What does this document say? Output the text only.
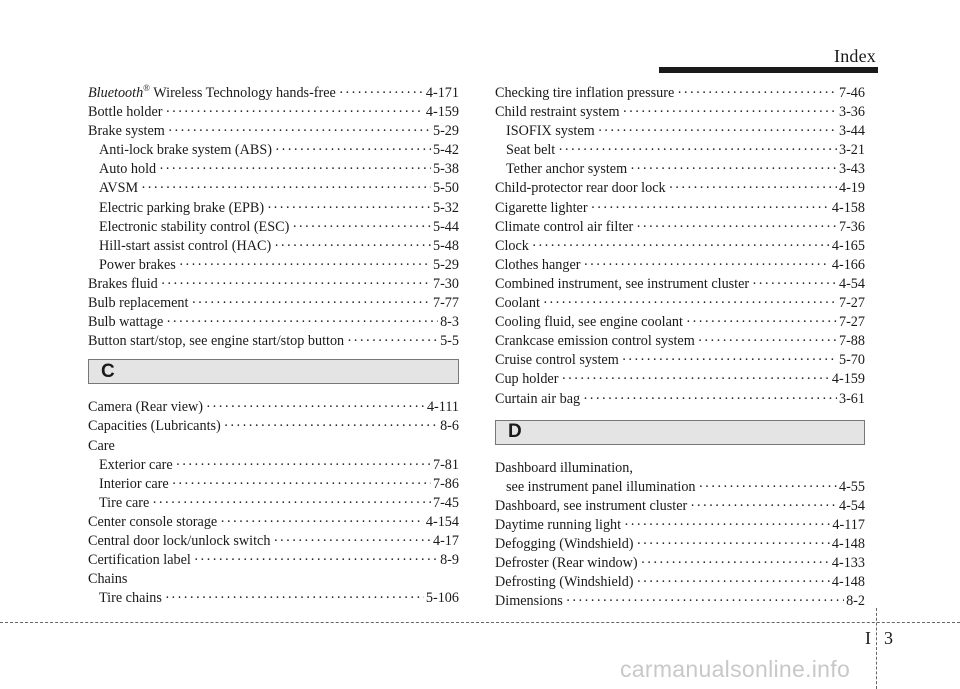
Index
Bluetooth® Wireless Technology hands-free ·····	4-171
Bottle holder ·····	4-159
Brake system ·····	5-29
Anti-lock brake system (ABS) ·····	5-42
Auto hold ·····	5-38
AVSM ·····	5-50
Electric parking brake (EPB) ·····	5-32
Electronic stability control (ESC) ·····	5-44
Hill-start assist control (HAC) ·····	5-48
Power brakes ·····	5-29
Brakes fluid ·····	7-30
Bulb replacement ·····	7-77
Bulb wattage ·····	8-3
Button start/stop, see engine start/stop button ·····	5-5
C
Camera (Rear view) ·····	4-111
Capacities (Lubricants) ·····	8-6
Care
Exterior care ·····	7-81
Interior care ·····	7-86
Tire care ·····	7-45
Center console storage ·····	4-154
Central door lock/unlock switch ·····	4-17
Certification label ·····	8-9
Chains
Tire chains ·····	5-106
Checking tire inflation pressure ·····	7-46
Child restraint system ·····	3-36
ISOFIX system ·····	3-44
Seat belt ·····	3-21
Tether anchor system ·····	3-43
Child-protector rear door lock ·····	4-19
Cigarette lighter ·····	4-158
Climate control air filter ·····	7-36
Clock ·····	4-165
Clothes hanger ·····	4-166
Combined instrument, see instrument cluster ·····	4-54
Coolant ·····	7-27
Cooling fluid, see engine coolant ·····	7-27
Crankcase emission control system ·····	7-88
Cruise control system ·····	5-70
Cup holder ·····	4-159
Curtain air bag ·····	3-61
D
Dashboard illumination,
see instrument panel illumination ·····	4-55
Dashboard, see instrument cluster ·····	4-54
Daytime running light ·····	4-117
Defogging (Windshield) ·····	4-148
Defroster (Rear window) ·····	4-133
Defrosting (Windshield) ·····	4-148
Dimensions ·····	8-2
I 3
carmanualsonline.info
